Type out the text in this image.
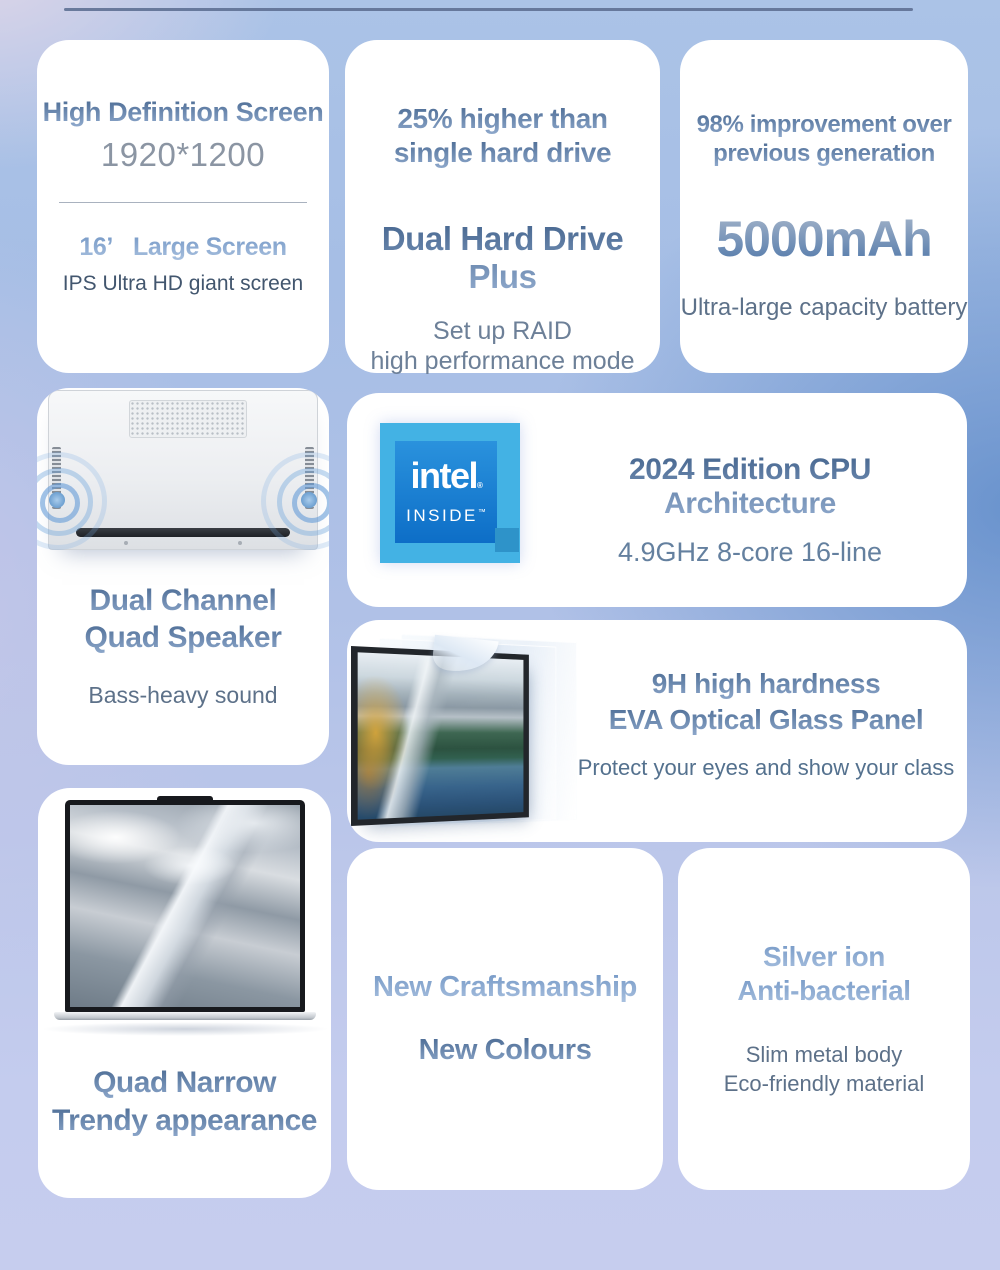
High Definition Screen
1920*1200
16’ Large Screen
IPS Ultra HD giant screen
25% higher than
single hard drive
Dual Hard Drive Plus
Set up RAID
high performance mode
98% improvement over
previous generation
5000mAh
Ultra-large capacity battery
Dual Channel
Quad Speaker
Bass-heavy sound
intel®
INSIDE™
2024 Edition CPU Architecture
4.9GHz 8-core 16-line
9H high hardness
EVA Optical Glass Panel
Protect your eyes and show your class
Quad Narrow
Trendy appearance
New Craftsmanship
New Colours
Silver ion
Anti-bacterial
Slim metal body
Eco-friendly material
